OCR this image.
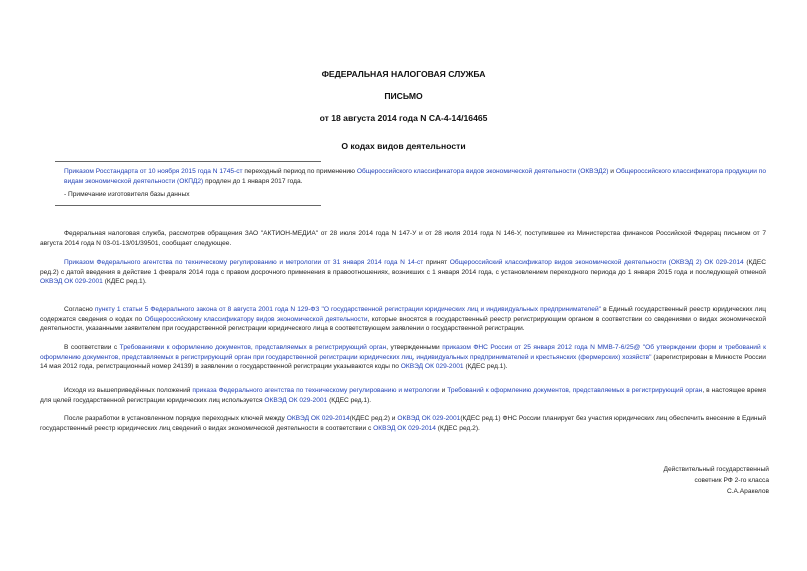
ФЕДЕРАЛЬНАЯ НАЛОГОВАЯ СЛУЖБА
ПИСЬМО
от 18 августа 2014 года N СА-4-14/16465
О кодах видов деятельности
Приказом Росстандарта от 10 ноября 2015 года N 1745-ст переходный период по применению Общероссийского классификатора видов экономической деятельности (ОКВЭД2) и Общероссийского классификатора продукции по видам экономической деятельности (ОКПД2) продлен до 1 января 2017 года.
- Примечание изготовителя базы данных
Федеральная налоговая служба, рассмотрев обращения ЗАО "АКТИОН-МЕДИА" от 28 июля 2014 года N 147-У и от 28 июля 2014 года N 146-У, поступившее из Министерства финансов Российской Федерац письмом от 7 августа 2014 года N 03-01-13/01/39501, сообщает следующее.
Приказом Федерального агентства по техническому регулированию и метрологии от 31 января 2014 года N 14-ст принят Общероссийский классификатор видов экономической деятельности (ОКВЭД 2) ОК 029-2014 (КДЕС ред.2) с датой введения в действие 1 февраля 2014 года с правом досрочного применения в правоотношениях, возникших с 1 января 2014 года, с установлением переходного периода до 1 января 2015 года и последующей отменой ОКВЭД ОК 029-2001 (КДЕС ред.1).
Согласно пункту 1 статьи 5 Федерального закона от 8 августа 2001 года N 129-ФЗ "О государственной регистрации юридических лиц и индивидуальных предпринимателей" в Единый государственный реестр юридических лиц содержатся сведения о кодах по Общероссийскому классификатору видов экономической деятельности, которые вносятся в государственный реестр регистрирующим органом в соответствии со сведениями о видах экономической деятельности, указанными заявителем при государственной регистрации юридического лица в соответствующем заявлении о государственной регистрации.
В соответствии с Требованиями к оформлению документов, представляемых в регистрирующий орган, утвержденными приказом ФНС России от 25 января 2012 года N ММВ-7-6/25@ "Об утверждении форм и требований к оформлению документов, представляемых в регистрирующий орган при государственной регистрации юридических лиц, индивидуальных предпринимателей и крестьянских (фермерских) хозяйств" (зарегистрирован в Минюсте России 14 мая 2012 года, регистрационный номер 24139) в заявлении о государственной регистрации указываются коды по ОКВЭД ОК 029-2001 (КДЕС ред.1).
Исходя из вышеприведённых положений приказа Федерального агентства по техническому регулированию и метрологии и Требований к оформлению документов, представляемых в регистрирующий орган, в настоящее время для целей государственной регистрации юридических лиц используется ОКВЭД ОК 029-2001 (КДЕС ред.1).
После разработки в установленном порядке переходных ключей между ОКВЭД ОК 029-2014(КДЕС ред.2) и ОКВЭД ОК 029-2001(КДЕС ред.1) ФНС России планирует без участия юридических лиц обеспечить внесение в Единый государственный реестр юридических лиц сведений о видах экономической деятельности в соответствии с ОКВЭД ОК 029-2014 (КДЕС ред.2).
Действительный государственный
советник РФ 2-го класса
С.А.Аракелов
